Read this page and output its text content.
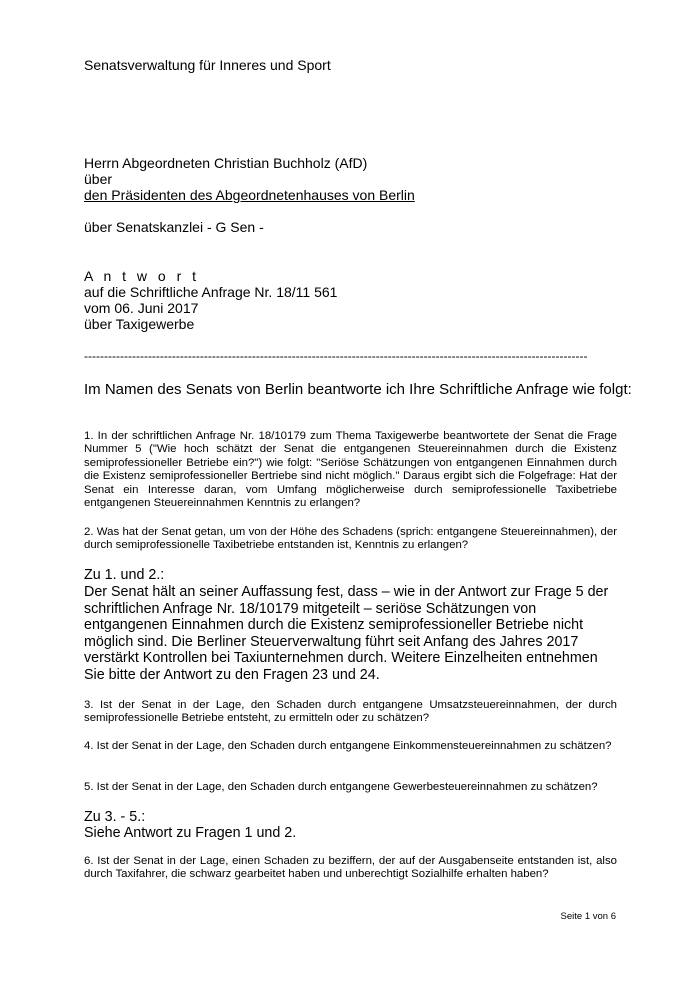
Senatsverwaltung für Inneres und Sport
Herrn Abgeordneten Christian Buchholz (AfD)
über
den Präsidenten des Abgeordnetenhauses von Berlin
über Senatskanzlei - G Sen -
A n t w o r t
auf die Schriftliche Anfrage Nr. 18/11 561
vom 06. Juni 2017
über Taxigewerbe
------------------------------------------------------------------------------------------------------------------------------
Im Namen des Senats von Berlin beantworte ich Ihre Schriftliche Anfrage wie folgt:

1. In der schriftlichen Anfrage Nr. 18/10179 zum Thema Taxigewerbe beantwortete der Senat die Frage Nummer 5 ("Wie hoch schätzt der Senat die entgangenen Steuereinnahmen durch die Existenz semiprofessioneller Betriebe ein?") wie folgt: "Seriöse Schätzungen von entgangenen Einnahmen durch die Existenz semiprofessioneller Bertriebe sind nicht möglich." Daraus ergibt sich die Folgefrage: Hat der Senat ein Interesse daran, vom Umfang möglicherweise durch semiprofessionelle Taxibetriebe entgangenen Steuereinnahmen Kenntnis zu erlangen?

2. Was hat der Senat getan, um von der Höhe des Schadens (sprich: entgangene Steuereinnahmen), der durch semiprofessionelle Taxibetriebe entstanden ist, Kenntnis zu erlangen?

Zu 1. und 2.:

Der Senat hält an seiner Auffassung fest, dass – wie in der Antwort zur Frage 5 der schriftlichen Anfrage Nr. 18/10179 mitgeteilt – seriöse Schätzungen von entgangenen Einnahmen durch die Existenz semiprofessioneller Betriebe nicht möglich sind. Die Berliner Steuerverwaltung führt seit Anfang des Jahres 2017 verstärkt Kontrollen bei Taxiunternehmen durch. Weitere Einzelheiten entnehmen Sie bitte der Antwort zu den Fragen 23 und 24.

3. Ist der Senat in der Lage, den Schaden durch entgangene Umsatzsteuereinnahmen, der durch semiprofessionelle Betriebe entsteht, zu ermitteln oder zu schätzen?

4. Ist der Senat in der Lage, den Schaden durch entgangene Einkommensteuereinnahmen zu schätzen?

5. Ist der Senat in der Lage, den Schaden durch entgangene Gewerbesteuereinnahmen zu schätzen?

Zu 3. - 5.:
Siehe Antwort zu Fragen 1 und 2.

6. Ist der Senat in der Lage, einen Schaden zu beziffern, der auf der Ausgabenseite entstanden ist, also durch Taxifahrer, die schwarz gearbeitet haben und unberechtigt Sozialhilfe erhalten haben?

Seite 1 von 6
